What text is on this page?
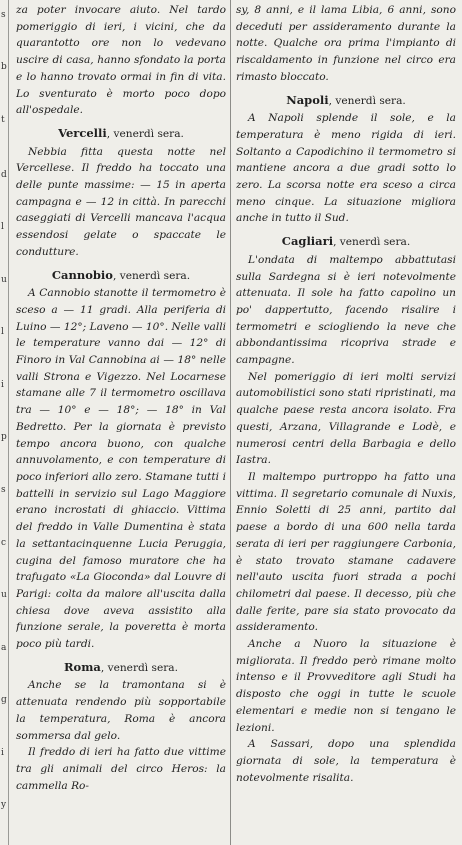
s
b
t
d
l
u
l
i
p
s
c
u
a
g
i
y

za poter invocare aiuto. Nel tardo pomeriggio di ieri, i vicini, che da quarantotto ore non lo vedevano uscire di casa, hanno sfondato la porta e lo hanno trovato ormai in fin di vita. Lo sventurato è morto poco dopo all'ospedale.

Vercelli, venerdì sera.

Nebbia fitta questa notte nel Vercellese. Il freddo ha toccato una delle punte massime: — 15 in aperta campagna e — 12 in città. In parecchi caseggiati di Vercelli mancava l'acqua essendosi gelate o spaccate le condutture.

Cannobio, venerdì sera.

A Cannobio stanotte il termometro è sceso a — 11 gradi. Alla periferia di Luino — 12°; Laveno — 10°. Nelle valli le temperature vanno dai — 12° di Finoro in Val Cannobina ai — 18° nelle valli Strona e Vigezzo. Nel Locarnese stamane alle 7 il termometro oscillava tra — 10° e — 18°; — 18° in Val Bedretto. Per la giornata è previsto tempo ancora buono, con qualche annuvolamento, e con temperature di poco inferiori allo zero. Stamane tutti i battelli in servizio sul Lago Maggiore erano incrostati di ghiaccio. Vittima del freddo in Valle Dumentina è stata la settantacinquenne Lucia Peruggia, cugina del famoso muratore che ha trafugato «La Gioconda» dal Louvre di Parigi: colta da malore all'uscita dalla chiesa dove aveva assistito alla funzione serale, la poveretta è morta poco più tardi.

Roma, venerdì sera.

Anche se la tramontana si è attenuata rendendo più sopportabile la temperatura, Roma è ancora sommersa dal gelo.

Il freddo di ieri ha fatto due vittime tra gli animali del circo Heros: la cammella Ro-

sy, 8 anni, e il lama Libia, 6 anni, sono deceduti per assideramento durante la notte. Qualche ora prima l'impianto di riscaldamento in funzione nel circo era rimasto bloccato.

Napoli, venerdì sera.

A Napoli splende il sole, e la temperatura è meno rigida di ieri. Soltanto a Capodichino il termometro si mantiene ancora a due gradi sotto lo zero. La scorsa notte era sceso a circa meno cinque. La situazione migliora anche in tutto il Sud.

Cagliari, venerdì sera.

L'ondata di maltempo abbattutasi sulla Sardegna si è ieri notevolmente attenuata. Il sole ha fatto capolino un po' dappertutto, facendo risalire i termometri e sciogliendo la neve che abbondantissima ricopriva strade e campagne.

Nel pomeriggio di ieri molti servizi automobilistici sono stati ripristinati, ma qualche paese resta ancora isolato. Fra questi, Arzana, Villagrande e Lodè, e numerosi centri della Barbagia e dello Iastra.

Il maltempo purtroppo ha fatto una vittima. Il segretario comunale di Nuxis, Ennio Soletti di 25 anni, partito dal paese a bordo di una 600 nella tarda serata di ieri per raggiungere Carbonia, è stato trovato stamane cadavere nell'auto uscita fuori strada a pochi chilometri dal paese. Il decesso, più che dalle ferite, pare sia stato provocato da assideramento.

Anche a Nuoro la situazione è migliorata. Il freddo però rimane molto intenso e il Provveditore agli Studi ha disposto che oggi in tutte le scuole elementari e medie non si tengano le lezioni.

A Sassari, dopo una splendida giornata di sole, la temperatura è notevolmente risalita.
